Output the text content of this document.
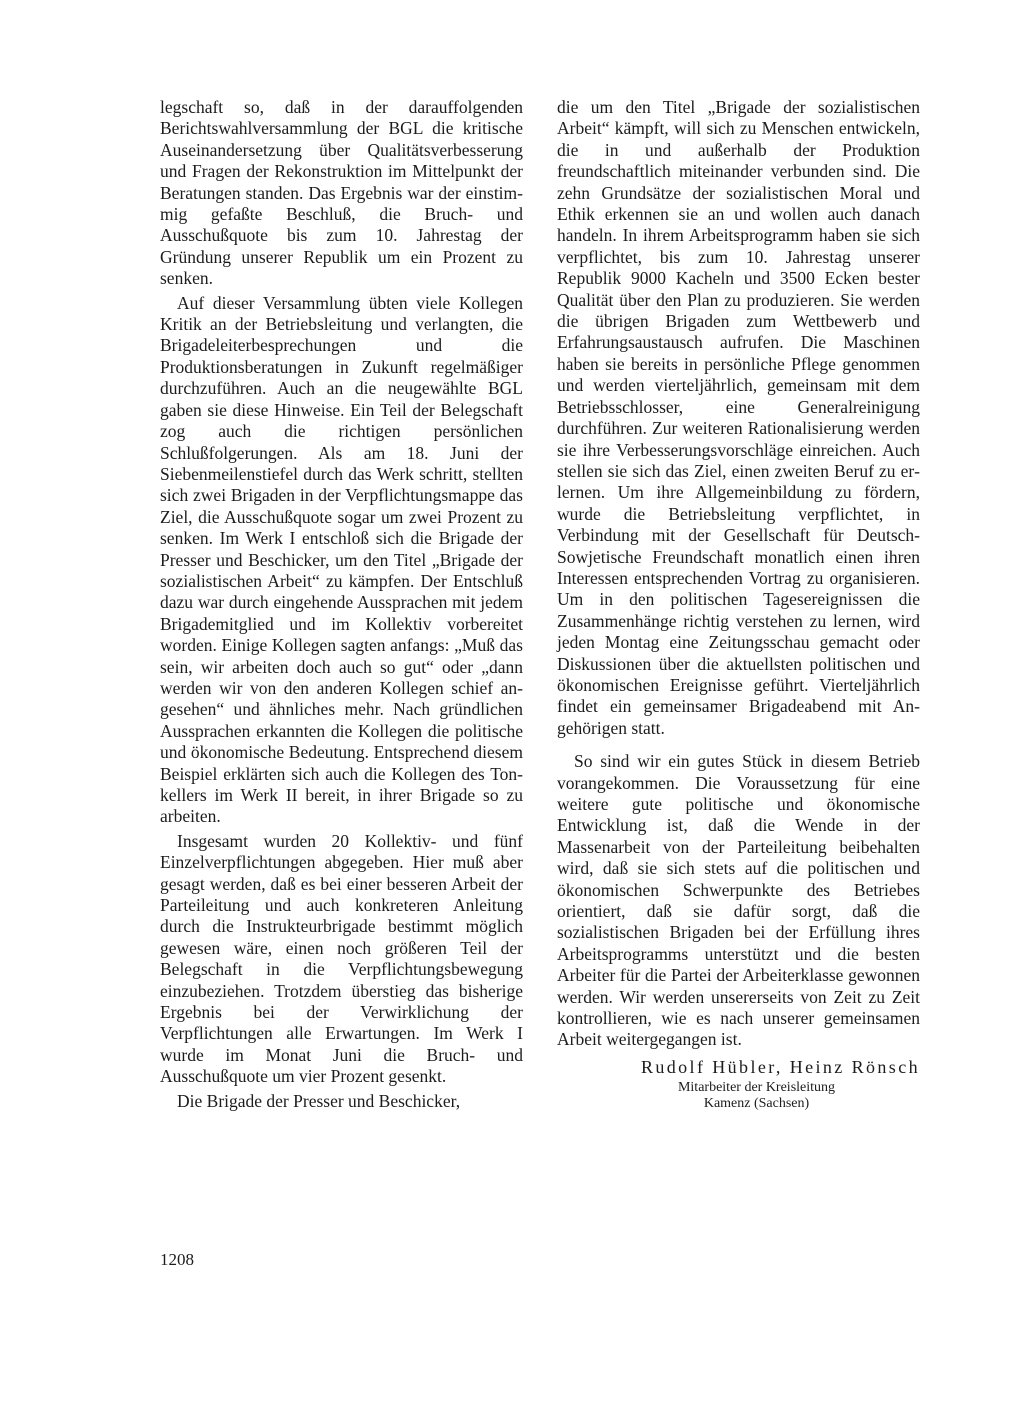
legschaft so, daß in der darauffolgenden Berichtswahlversammlung der BGL die kritische Auseinandersetzung über Qualitätsverbesserung und Fragen der Rekonstruktion im Mittelpunkt der Beratungen standen. Das Ergebnis war der einstimmig gefaßte Beschluß, die Bruch- und Ausschußquote bis zum 10. Jahrestag der Gründung unserer Republik um ein Prozent zu senken.

Auf dieser Versammlung übten viele Kollegen Kritik an der Betriebsleitung und verlangten, die Brigadeleiterbesprechungen und die Produktionsberatungen in Zukunft regelmäßiger durchzuführen. Auch an die neugewählte BGL gaben sie diese Hinweise. Ein Teil der Belegschaft zog auch die richtigen persönlichen Schlußfolgerungen. Als am 18. Juni der Siebenmeilenstiefel durch das Werk schritt, stellten sich zwei Brigaden in der Verpflichtungsmappe das Ziel, die Ausschußquote sogar um zwei Prozent zu senken. Im Werk I entschloß sich die Brigade der Presser und Beschicker, um den Titel „Brigade der sozialistischen Arbeit“ zu kämpfen. Der Entschluß dazu war durch eingehende Aussprachen mit jedem Brigademitglied und im Kollektiv vorbereitet worden. Einige Kollegen sagten anfangs: „Muß das sein, wir arbeiten doch auch so gut“ oder „dann werden wir von den anderen Kollegen schief angesehen“ und ähnliches mehr. Nach gründlichen Aussprachen erkannten die Kollegen die politische und ökonomische Bedeutung. Entsprechend diesem Beispiel erklärten sich auch die Kollegen des Tonkellers im Werk II bereit, in ihrer Brigade so zu arbeiten.

Insgesamt wurden 20 Kollektiv- und fünf Einzelverpflichtungen abgegeben. Hier muß aber gesagt werden, daß es bei einer besseren Arbeit der Parteileitung und auch konkreteren Anleitung durch die Instrukteurbrigade bestimmt möglich gewesen wäre, einen noch größeren Teil der Belegschaft in die Verpflichtungsbewegung einzubeziehen. Trotzdem überstieg das bisherige Ergebnis bei der Verwirklichung der Verpflichtungen alle Erwartungen. Im Werk I wurde im Monat Juni die Bruch- und Ausschußquote um vier Prozent gesenkt.

Die Brigade der Presser und Beschicker,

die um den Titel „Brigade der sozialistischen Arbeit“ kämpft, will sich zu Menschen entwickeln, die in und außerhalb der Produktion freundschaftlich miteinander verbunden sind. Die zehn Grundsätze der sozialistischen Moral und Ethik erkennen sie an und wollen auch danach handeln. In ihrem Arbeitsprogramm haben sie sich verpflichtet, bis zum 10. Jahrestag unserer Republik 9000 Kacheln und 3500 Ecken bester Qualität über den Plan zu produzieren. Sie werden die übrigen Brigaden zum Wettbewerb und Erfahrungsaustausch aufrufen. Die Maschinen haben sie bereits in persönliche Pflege genommen und werden vierteljährlich, gemeinsam mit dem Betriebsschlosser, eine Generalreinigung durchführen. Zur weiteren Rationalisierung werden sie ihre Verbesserungsvorschläge einreichen. Auch stellen sie sich das Ziel, einen zweiten Beruf zu erlernen. Um ihre Allgemeinbildung zu fördern, wurde die Betriebsleitung verpflichtet, in Verbindung mit der Gesellschaft für Deutsch-Sowjetische Freundschaft monatlich einen ihren Interessen entsprechenden Vortrag zu organisieren. Um in den politischen Tagesereignissen die Zusammenhänge richtig verstehen zu lernen, wird jeden Montag eine Zeitungsschau gemacht oder Diskussionen über die aktuellsten politischen und ökonomischen Ereignisse geführt. Vierteljährlich findet ein gemeinsamer Brigadeabend mit Angehörigen statt.

So sind wir ein gutes Stück in diesem Betrieb vorangekommen. Die Voraussetzung für eine weitere gute politische und ökonomische Entwicklung ist, daß die Wende in der Massenarbeit von der Parteileitung beibehalten wird, daß sie sich stets auf die politischen und ökonomischen Schwerpunkte des Betriebes orientiert, daß sie dafür sorgt, daß die sozialistischen Brigaden bei der Erfüllung ihres Arbeitsprogramms unterstützt und die besten Arbeiter für die Partei der Arbeiterklasse gewonnen werden. Wir werden unsererseits von Zeit zu Zeit kontrollieren, wie es nach unserer gemeinsamen Arbeit weitergegangen ist.

Rudolf Hübler, Heinz Rönsch
Mitarbeiter der Kreisleitung
Kamenz (Sachsen)
1208
